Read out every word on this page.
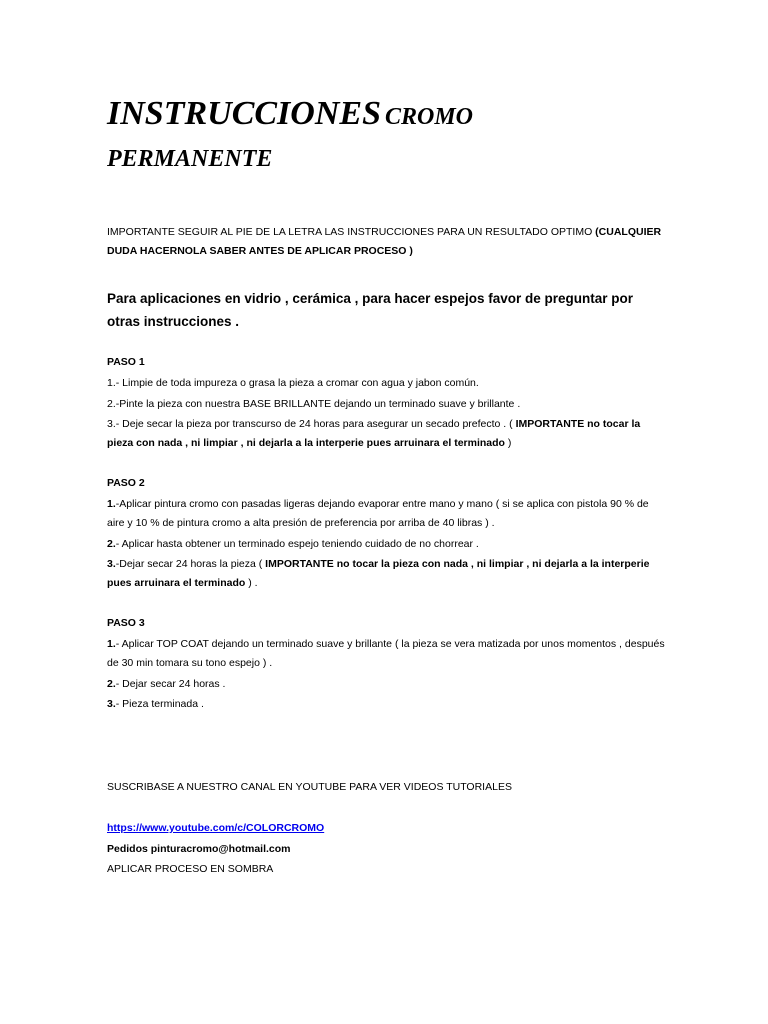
INSTRUCCIONES CROMO
PERMANENTE
IMPORTANTE SEGUIR AL PIE DE LA LETRA LAS INSTRUCCIONES PARA UN RESULTADO OPTIMO (CUALQUIER DUDA HACERNOLA SABER ANTES DE APLICAR PROCESO )
Para aplicaciones en vidrio , cerámica , para hacer espejos favor de preguntar por otras instrucciones .
PASO 1
1.- Limpie de toda impureza o grasa la pieza a cromar con agua y jabon común.
2.-Pinte la pieza con nuestra BASE BRILLANTE dejando un terminado suave y brillante .
3.- Deje secar la pieza por transcurso de 24 horas para asegurar un secado prefecto . ( IMPORTANTE no tocar la pieza con nada , ni limpiar , ni dejarla a la interperie pues arruinara el terminado )
PASO 2
1.-Aplicar pintura cromo con pasadas ligeras dejando evaporar entre mano y mano ( si se aplica con pistola 90 % de aire y 10 % de pintura cromo a alta presión de preferencia por arriba de 40 libras ) .
2.- Aplicar hasta obtener un terminado espejo teniendo cuidado de no chorrear .
3.-Dejar secar 24 horas la pieza ( IMPORTANTE no tocar la pieza con nada , ni limpiar , ni dejarla a la interperie pues arruinara el terminado ) .
PASO 3
1.- Aplicar TOP COAT dejando un terminado suave y brillante ( la pieza se vera matizada por unos momentos , después de 30 min tomara su tono espejo ) .
2.- Dejar secar 24 horas .
3.- Pieza terminada .
SUSCRIBASE A NUESTRO CANAL EN YOUTUBE PARA VER VIDEOS TUTORIALES
https://www.youtube.com/c/COLORCROMO
Pedidos pinturacromo@hotmail.com
APLICAR PROCESO EN SOMBRA
